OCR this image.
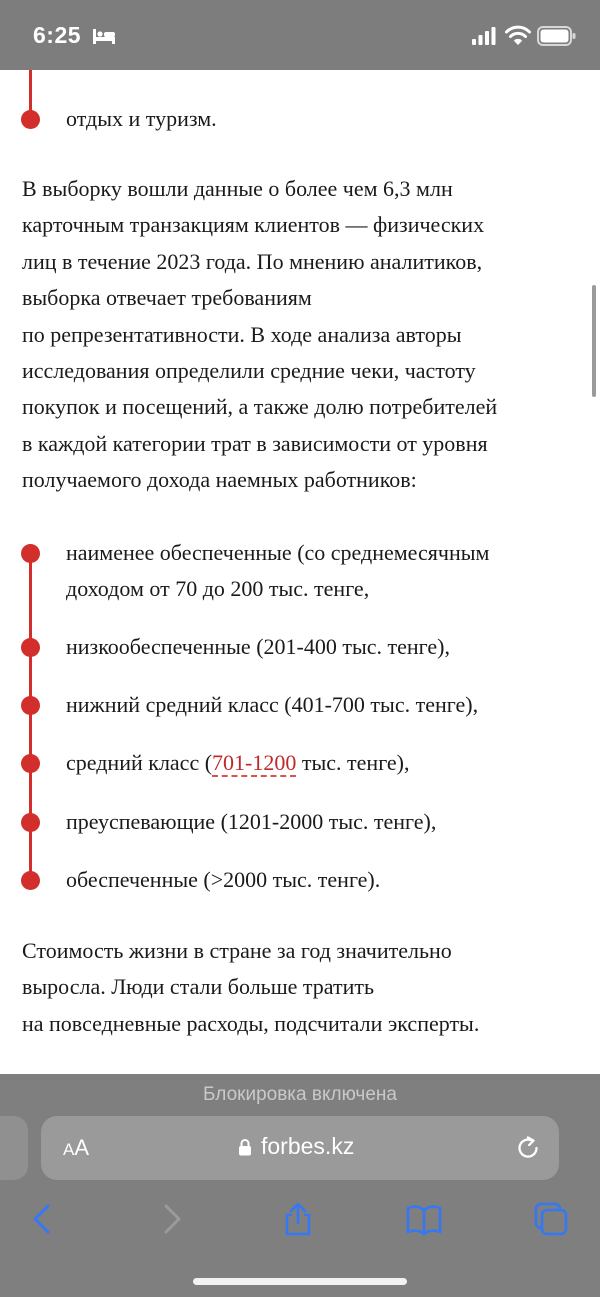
6:25
отдых и туризм.

В выборку вошли данные о более чем 6,3 млн
карточным транзакциям клиентов — физических
лиц в течение 2023 года. По мнению аналитиков,
выборка отвечает требованиям
по репрезентативности. В ходе анализа авторы
исследования определили средние чеки, частоту
покупок и посещений, а также долю потребителей
в каждой категории трат в зависимости от уровня
получаемого дохода наемных работников:

наименее обеспеченные (со среднемесячным
доходом от 70 до 200 тыс. тенге,
низкообеспеченные (201-400 тыс. тенге),
нижний средний класс (401-700 тыс. тенге),
средний класс (701-1200 тыс. тенге),
преуспевающие (1201-2000 тыс. тенге),
обеспеченные (>2000 тыс. тенге).

Стоимость жизни в стране за год значительно
выросла. Люди стали больше тратить
на повседневные расходы, подсчитали эксперты.

Блокировка включена
AA	forbes.kz
